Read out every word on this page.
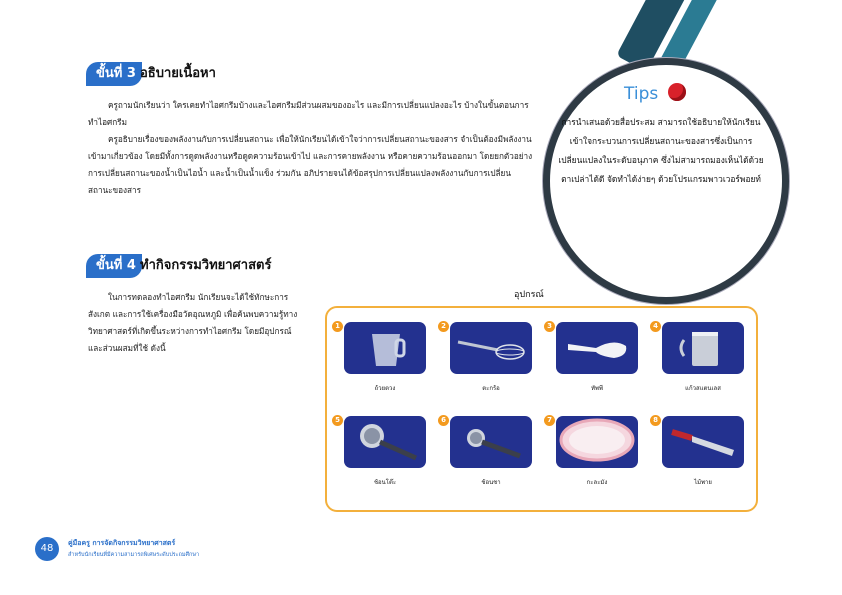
ขั้นที่ 3 อธิบายเนื้อหา

ครูถามนักเรียนว่า ใครเคยทำไอศกรีมบ้างและไอศกรีมมีส่วนผสมของอะไร และมีการเปลี่ยนแปลงอะไร บ้างในขั้นตอนการทำไอศกรีม

ครูอธิบายเรื่องของพลังงานกับการเปลี่ยนสถานะ เพื่อให้นักเรียนได้เข้าใจว่าการเปลี่ยนสถานะของสาร จำเป็นต้องมีพลังงานเข้ามาเกี่ยวข้อง โดยมีทั้งการดูดพลังงานหรือดูดความร้อนเข้าไป และการคายพลังงาน หรือคายความร้อนออกมา โดยยกตัวอย่างการเปลี่ยนสถานะของน้ำเป็นไอน้ำ และน้ำเป็นน้ำแข็ง ร่วมกัน อภิปรายจนได้ข้อสรุปการเปลี่ยนแปลงพลังงานกับการเปลี่ยนสถานะของสาร

Tips
การนำเสนอด้วยสื่อประสม สามารถใช้อธิบายให้นักเรียน เข้าใจกระบวนการเปลี่ยนสถานะของสารซึ่งเป็นการเปลี่ยนแปลงในระดับอนุภาค ซึ่งไม่สามารถมองเห็นได้ด้วยตาเปล่าได้ดี จัดทำได้ง่ายๆ ด้วยโปรแกรมพาวเวอร์พอยท์
ขั้นที่ 4 ทำกิจกรรมวิทยาศาสตร์

ในการทดลองทำไอศกรีม นักเรียนจะได้ใช้ทักษะการสังเกต และการใช้เครื่องมือวัดอุณหภูมิ เพื่อค้นพบความรู้ทางวิทยาศาสตร์ที่เกิดขึ้นระหว่างการทำไอศกรีม โดยมีอุปกรณ์และส่วนผสมที่ใช้ ดังนี้

อุปกรณ์
1
ถ้วยตวง
2
ตะกร้อ
3
ทัพพี
4
แก้วสแตนเลส
5
ช้อนโต๊ะ
6
ช้อนชา
7
กะละมัง
8
ไม้พาย
48	คู่มือครู การจัดกิจกรรมวิทยาศาสตร์
สำหรับนักเรียนที่มีความสามารถพิเศษระดับประถมศึกษา
